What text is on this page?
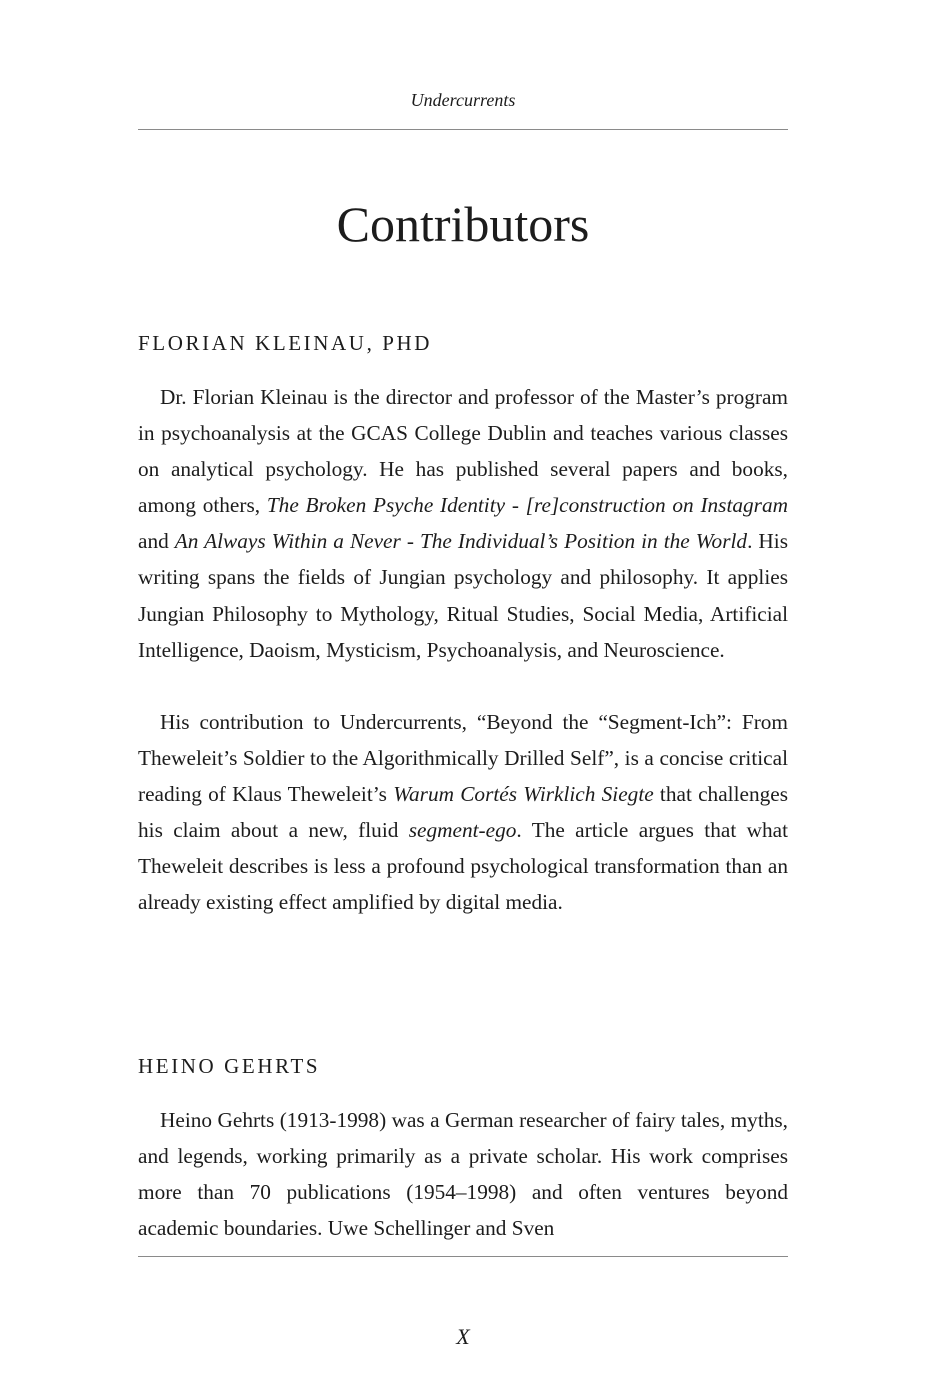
Undercurrents
Contributors
FLORIAN KLEINAU, PHD

Dr. Florian Kleinau is the director and professor of the Master’s program in psychoanalysis at the GCAS College Dublin and teaches various classes on analytical psychology. He has published several papers and books, among others, The Broken Psyche Identity - [re]construction on Instagram and An Always Within a Never - The Individual’s Position in the World. His writing spans the fields of Jungian psychology and philosophy. It applies Jungian Philosophy to Mythology, Ritual Studies, Social Media, Artificial Intelligence, Daoism, Mysticism, Psychoanalysis, and Neuroscience.

His contribution to Undercurrents, “Beyond the “Segment-Ich”: From Theweleit’s Soldier to the Algorithmically Drilled Self”, is a concise critical reading of Klaus Theweleit’s Warum Cortés Wirklich Siegte that challenges his claim about a new, fluid segment-ego. The article argues that what Theweleit describes is less a profound psychological transformation than an already existing effect amplified by digital media.

HEINO GEHRTS

Heino Gehrts (1913-1998) was a German researcher of fairy tales, myths, and legends, working primarily as a private scholar. His work comprises more than 70 publications (1954–1998) and often ventures beyond academic boundaries. Uwe Schellinger and Sven

X
